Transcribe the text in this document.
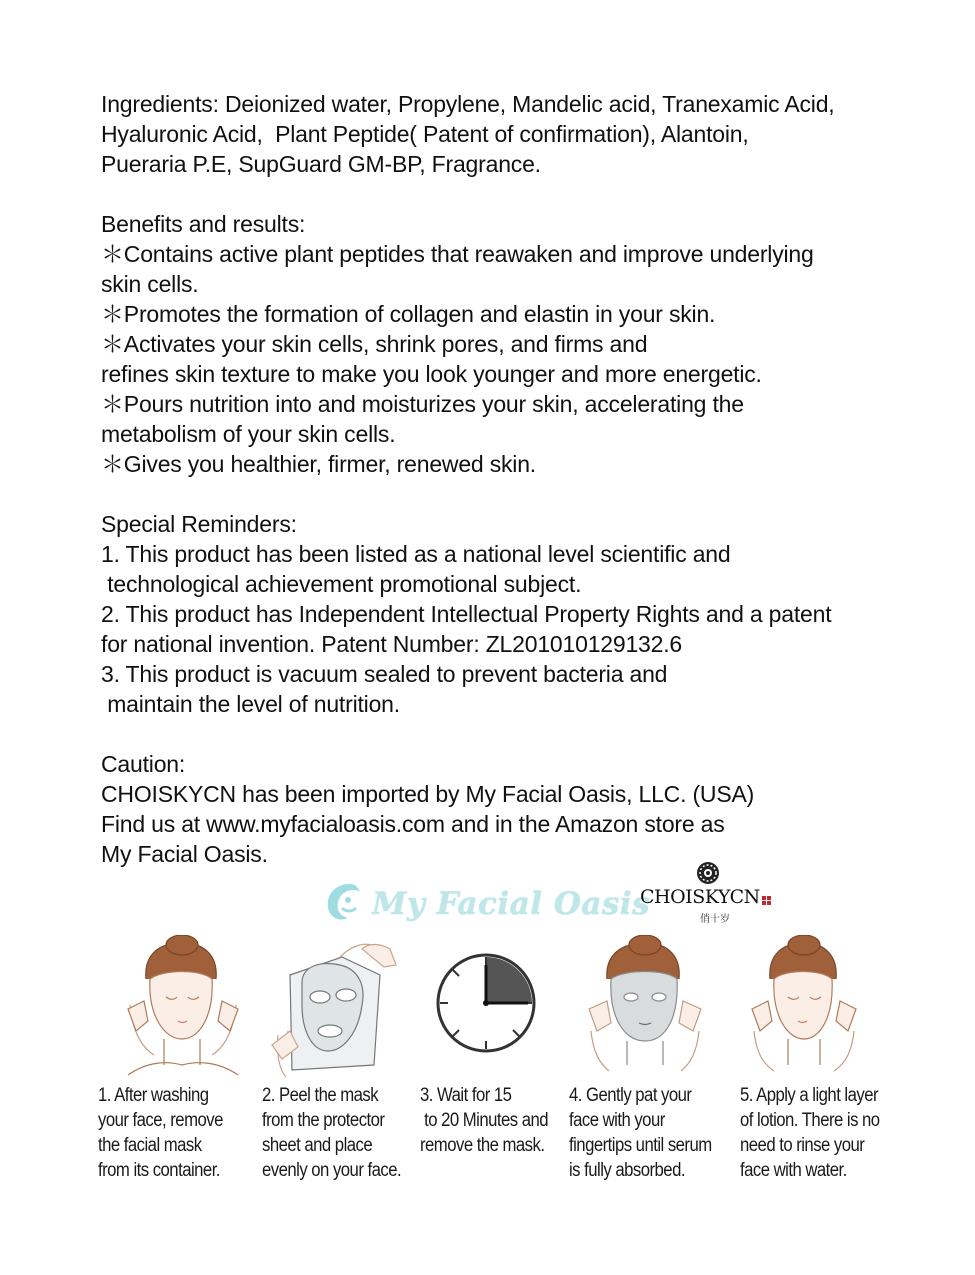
Ingredients: Deionized water, Propylene, Mandelic acid, Tranexamic Acid,
Hyaluronic Acid,  Plant Peptide( Patent of confirmation), Alantoin,
Pueraria P.E, SupGuard GM-BP, Fragrance.
Benefits and results:
＊Contains active plant peptides that reawaken and improve underlying
skin cells.
＊Promotes the formation of collagen and elastin in your skin.
＊Activates your skin cells, shrink pores, and firms and
refines skin texture to make you look younger and more energetic.
＊Pours nutrition into and moisturizes your skin, accelerating the
metabolism of your skin cells.
＊Gives you healthier, firmer, renewed skin.
Special Reminders:
1. This product has been listed as a national level scientific and
technological achievement promotional subject.
2. This product has Independent Intellectual Property Rights and a patent
for national invention. Patent Number: ZL201010129132.6
3. This product is vacuum sealed to prevent bacteria and
maintain the level of nutrition.
Caution:
CHOISKYCN has been imported by My Facial Oasis, LLC. (USA)
Find us at www.myfacialoasis.com and in the Amazon store as
My Facial Oasis.
My Facial Oasis
CHOISKYCN
俏十岁
1. After washing
your face, remove
the facial mask
from its container.
2. Peel the mask
from the protector
sheet and place
evenly on your face.
3. Wait for 15
to 20 Minutes and
remove the mask.
4. Gently pat your
face with your
fingertips until serum
is fully absorbed.
5. Apply a light layer
of lotion. There is no
need to rinse your
face with water.
